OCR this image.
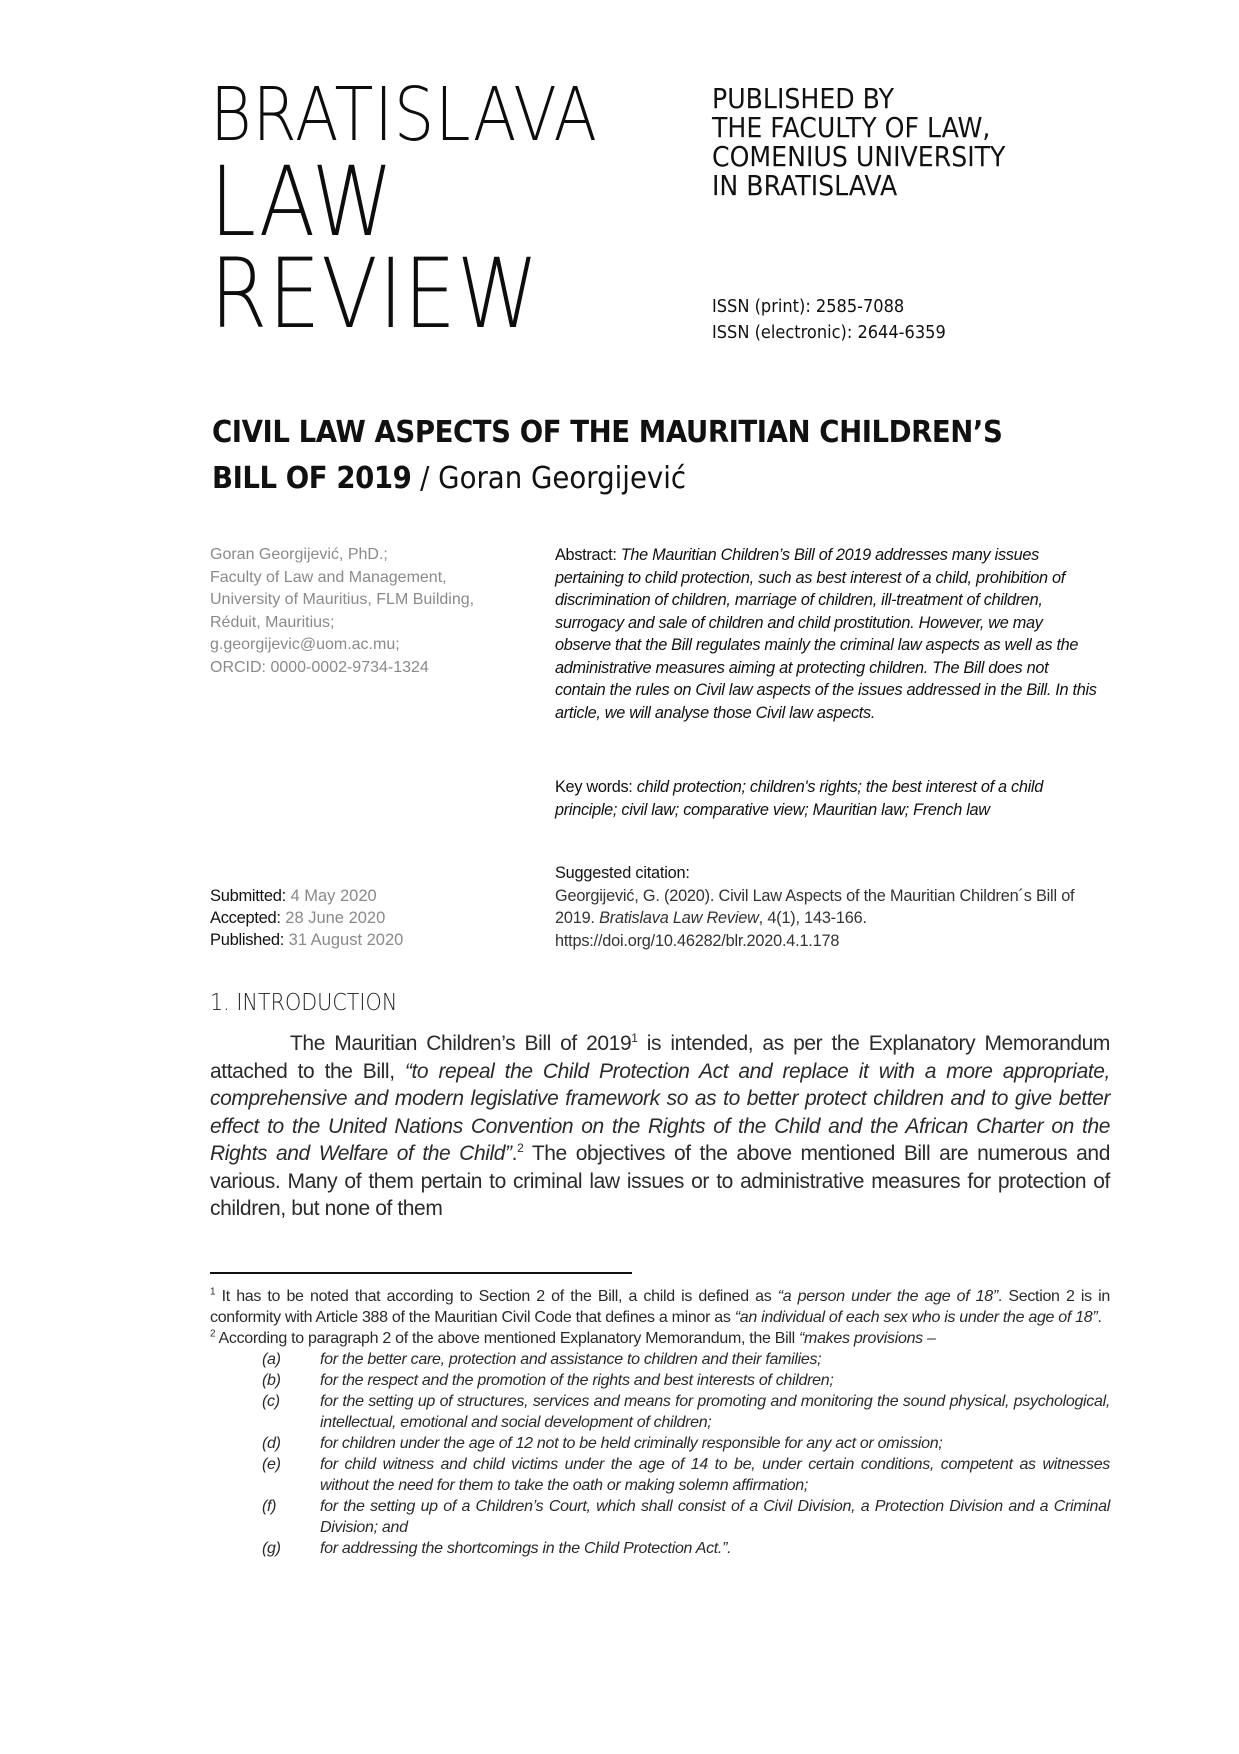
BRATISLAVA
LAW
REVIEW
PUBLISHED BY
THE FACULTY OF LAW,
COMENIUS UNIVERSITY
IN BRATISLAVA
ISSN (print): 2585-7088
ISSN (electronic): 2644-6359
CIVIL LAW ASPECTS OF THE MAURITIAN CHILDREN’S
BILL OF 2019 / Goran Georgijević
Goran Georgijević, PhD.;
Faculty of Law and Management,
University of Mauritius, FLM Building,
Réduit, Mauritius;
g.georgijevic@uom.ac.mu;
ORCID: 0000-0002-9734-1324
Abstract: The Mauritian Children’s Bill of 2019 addresses many issues pertaining to child protection, such as best interest of a child, prohibition of discrimination of children, marriage of children, ill-treatment of children, surrogacy and sale of children and child prostitution. However, we may observe that the Bill regulates mainly the criminal law aspects as well as the administrative measures aiming at protecting children. The Bill does not contain the rules on Civil law aspects of the issues addressed in the Bill. In this article, we will analyse those Civil law aspects.
Key words: child protection; children's rights; the best interest of a child principle; civil law; comparative view; Mauritian law; French law
Suggested citation:
Georgijević, G. (2020). Civil Law Aspects of the Mauritian Children´s Bill of 2019. Bratislava Law Review, 4(1), 143-166.
https://doi.org/10.46282/blr.2020.4.1.178
Submitted: 4 May 2020
Accepted: 28 June 2020
Published: 31 August 2020
1. INTRODUCTION
The Mauritian Children’s Bill of 2019$^1$ is intended, as per the Explanatory Memorandum attached to the Bill, “to repeal the Child Protection Act and replace it with a more appropriate, comprehensive and modern legislative framework so as to better protect children and to give better effect to the United Nations Convention on the Rights of the Child and the African Charter on the Rights and Welfare of the Child”.$^2$ The objectives of the above mentioned Bill are numerous and various. Many of them pertain to criminal law issues or to administrative measures for protection of children, but none of them

$^1$ It has to be noted that according to Section 2 of the Bill, a child is defined as “a person under the age of 18”. Section 2 is in conformity with Article 388 of the Mauritian Civil Code that defines a minor as “an individual of each sex who is under the age of 18”.

$^2$ According to paragraph 2 of the above mentioned Explanatory Memorandum, the Bill “makes provisions –

(a)	for the better care, protection and assistance to children and their families;
(b)	for the respect and the promotion of the rights and best interests of children;
(c)	for the setting up of structures, services and means for promoting and monitoring the sound physical, psychological, intellectual, emotional and social development of children;
(d)	for children under the age of 12 not to be held criminally responsible for any act or omission;
(e)	for child witness and child victims under the age of 14 to be, under certain conditions, competent as witnesses without the need for them to take the oath or making solemn affirmation;
(f)	for the setting up of a Children’s Court, which shall consist of a Civil Division, a Protection Division and a Criminal Division; and
(g)	for addressing the shortcomings in the Child Protection Act.”.
